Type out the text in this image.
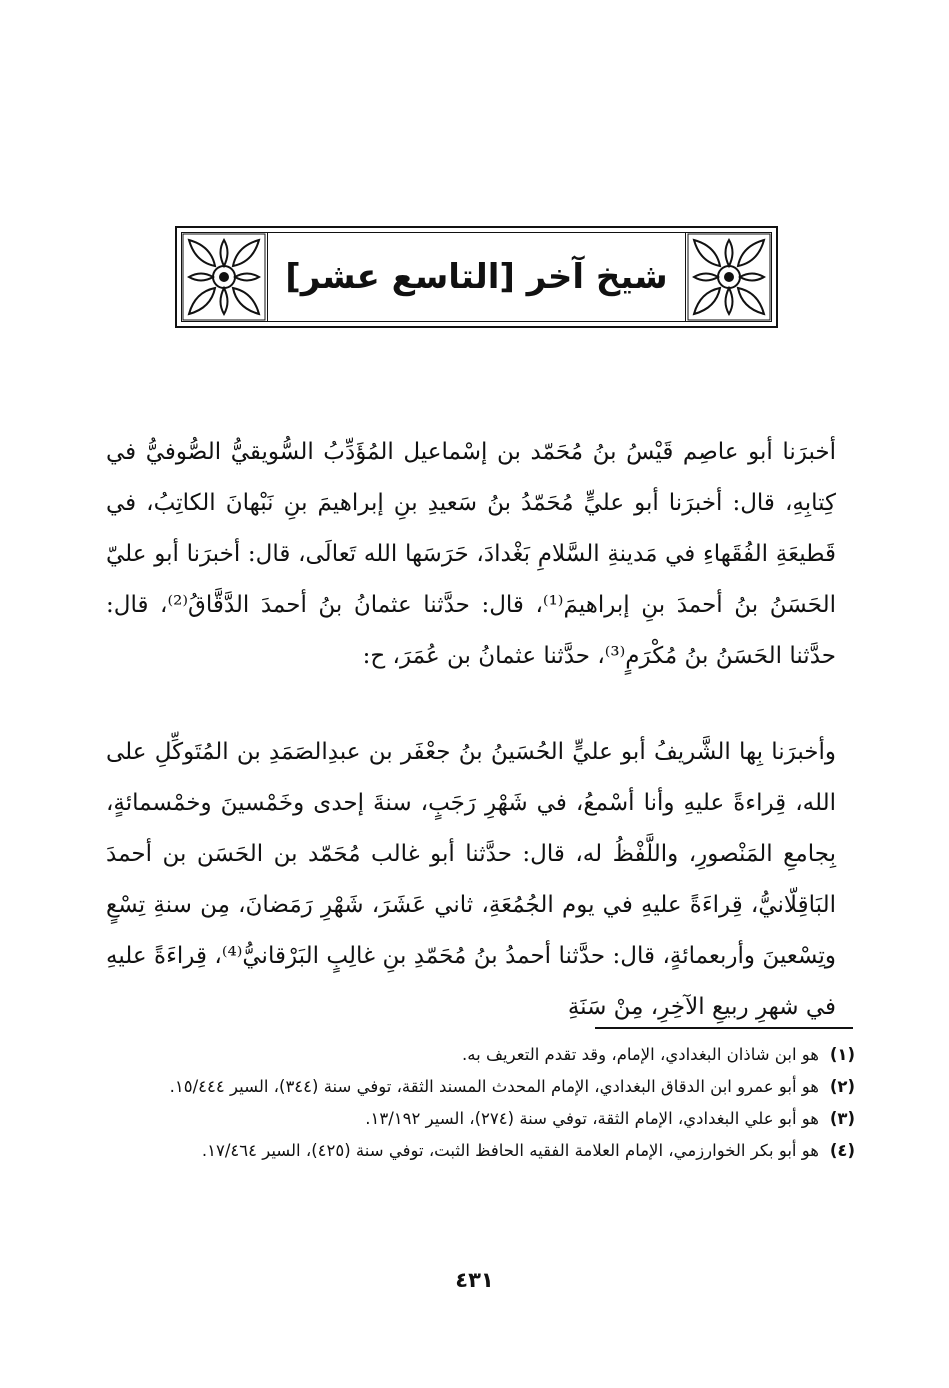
شيخ آخر [التاسع عشر]

أخبرَنا أبو عاصِم قَيْسُ بنُ مُحَمّد بن إسْماعيل المُؤَدِّبُ السُّويقيُّ الصُّوفيُّ في كِتابِهِ، قال: أخبرَنا أبو عليٍّ مُحَمّدُ بنُ سَعيدِ بنِ إبراهيمَ بنِ نَبْهانَ الكاتِبُ، في قَطيعَةِ الفُقَهاءِ في مَدينةِ السَّلامِ بَغْدادَ، حَرَسَها الله تَعالَى، قال: أخبرَنا أبو عليّ الحَسَنُ بنُ أحمدَ بنِ إبراهيمَ⁽¹⁾، قال: حدَّثنا عثمانُ بنُ أحمدَ الدَّقَّاقُ⁽²⁾، قال: حدَّثنا الحَسَنُ بنُ مُكْرَمٍ⁽³⁾، حدَّثنا عثمانُ بن عُمَرَ، ح:

وأخبرَنا بِها الشَّريفُ أبو عليٍّ الحُسَينُ بنُ جعْفَر بن عبدِالصَمَدِ بن المُتَوكِّلِ على الله، قِراءةً عليهِ وأنا أسْمعُ، في شَهْرِ رَجَبٍ، سنةَ إحدى وخَمْسينَ وخمْسمائةٍ، بِجامعِ المَنْصورِ، واللَّفْظُ له، قال: حدَّثنا أبو غالب مُحَمّد بن الحَسَن بن أحمدَ البَاقِلّانيُّ، قِراءَةً عليهِ في يوم الجُمُعَةِ، ثاني عَشَرَ، شَهْرِ رَمَضانَ، مِن سنةِ تِسْعٍ وتِسْعينَ وأربعمائةٍ، قال: حدَّثنا أحمدُ بنُ مُحَمّدِ بنِ غالِبٍ البَرْقانيُّ⁽⁴⁾، قِراءَةً عليهِ في شهرِ ربيعِ الآخِرِ، مِنْ سَنَةِ

(١)
هو ابن شاذان البغدادي، الإمام، وقد تقدم التعريف به.
(٢)
هو أبو عمرو ابن الدقاق البغدادي، الإمام المحدث المسند الثقة، توفي سنة (٣٤٤)، السير ١٥/٤٤٤.
(٣)
هو أبو علي البغدادي، الإمام الثقة، توفي سنة (٢٧٤)، السير ١٣/١٩٢.
(٤)
هو أبو بكر الخوارزمي، الإمام العلامة الفقيه الحافظ الثبت، توفي سنة (٤٢٥)، السير ١٧/٤٦٤.
٤٣١
